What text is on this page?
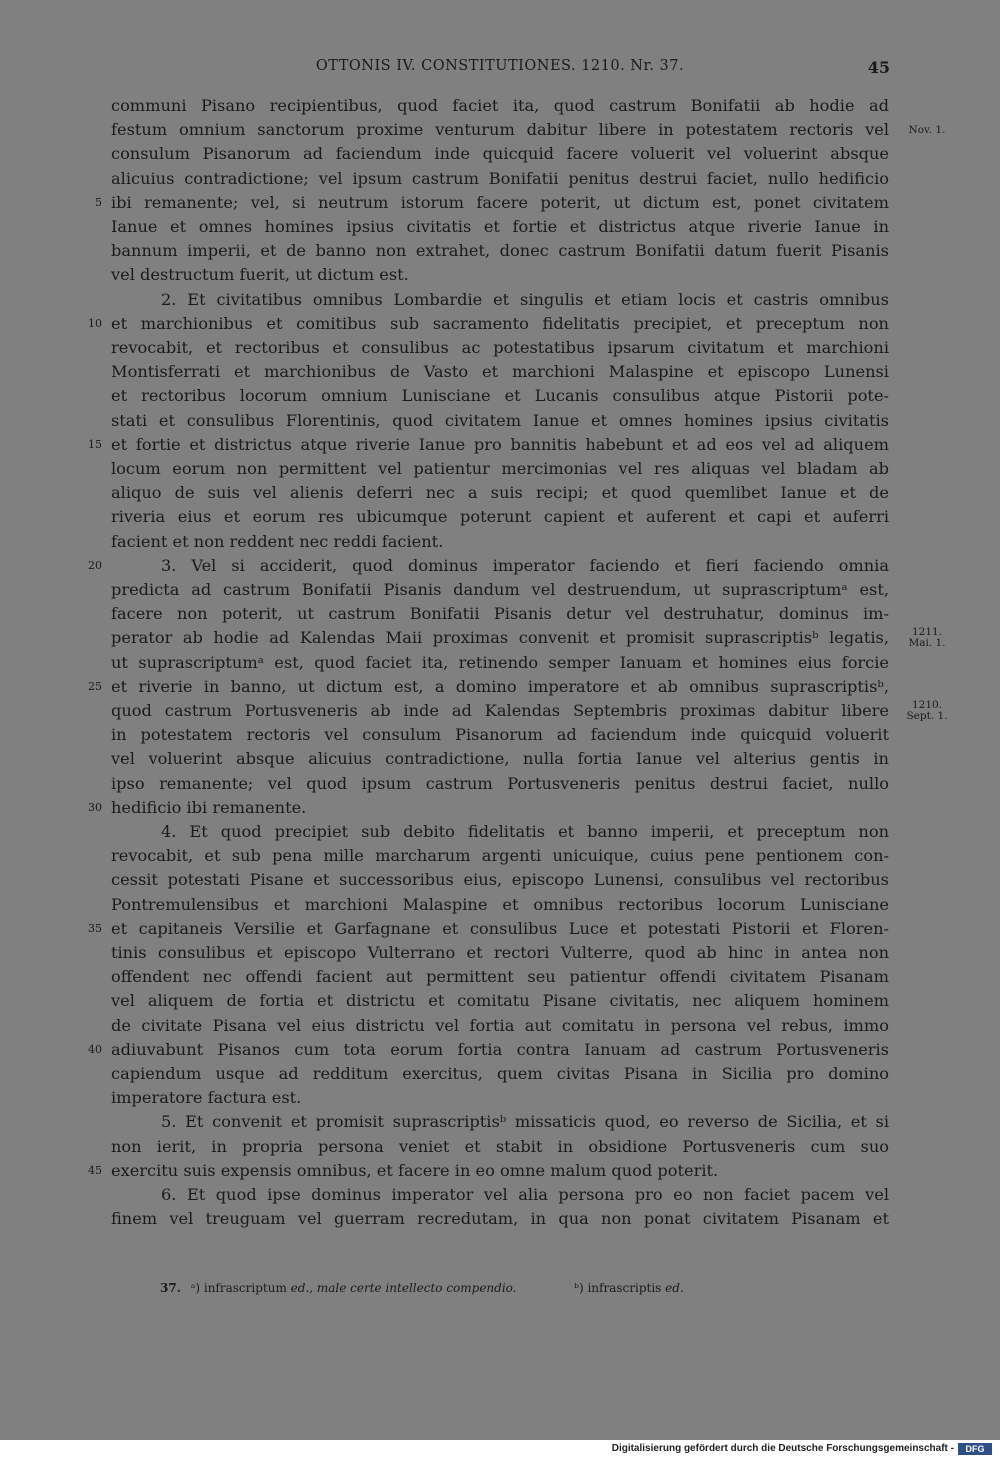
OTTONIS IV. CONSTITUTIONES. 1210. Nr. 37.	45
communi Pisano recipientibus, quod faciet ita, quod castrum Bonifatii ab hodie ad
festum omnium sanctorum proxime venturum dabitur libere in potestatem rectoris vel
consulum Pisanorum ad faciendum inde quicquid facere voluerit vel voluerint absque
alicuius contradictione; vel ipsum castrum Bonifatii penitus destrui faciet, nullo hedificio
ibi remanente; vel, si neutrum istorum facere poterit, ut dictum est, ponet civitatem
5
Ianue et omnes homines ipsius civitatis et fortie et districtus atque riverie Ianue in
bannum imperii, et de banno non extrahet, donec castrum Bonifatii datum fuerit Pisanis
vel destructum fuerit, ut dictum est.
2. Et civitatibus omnibus Lombardie et singulis et etiam locis et castris omnibus
et marchionibus et comitibus sub sacramento fidelitatis precipiet, et preceptum non
10
revocabit, et rectoribus et consulibus ac potestatibus ipsarum civitatum et marchioni
Montisferrati et marchionibus de Vasto et marchioni Malaspine et episcopo Lunensi
et rectoribus locorum omnium Lunisciane et Lucanis consulibus atque Pistorii pote-
stati et consulibus Florentinis, quod civitatem Ianue et omnes homines ipsius civitatis
et fortie et districtus atque riverie Ianue pro bannitis habebunt et ad eos vel ad aliquem
15
locum eorum non permittent vel patientur mercimonias vel res aliquas vel bladam ab
aliquo de suis vel alienis deferri nec a suis recipi; et quod quemlibet Ianue et de
riveria eius et eorum res ubicumque poterunt capient et auferent et capi et auferri
facient et non reddent nec reddi facient.
3. Vel si acciderit, quod dominus imperator faciendo et fieri faciendo omnia
20
predicta ad castrum Bonifatii Pisanis dandum vel destruendum, ut suprascriptumᵃ est,
facere non poterit, ut castrum Bonifatii Pisanis detur vel destruhatur, dominus im-
perator ab hodie ad Kalendas Maii proximas convenit et promisit suprascriptisᵇ legatis,
ut suprascriptumᵃ est, quod faciet ita, retinendo semper Ianuam et homines eius forcie
et riverie in banno, ut dictum est, a domino imperatore et ab omnibus suprascriptisᵇ,
25
quod castrum Portusveneris ab inde ad Kalendas Septembris proximas dabitur libere
in potestatem rectoris vel consulum Pisanorum ad faciendum inde quicquid voluerit
vel voluerint absque alicuius contradictione, nulla fortia Ianue vel alterius gentis in
ipso remanente; vel quod ipsum castrum Portusveneris penitus destrui faciet, nullo
hedificio ibi remanente.
30
4. Et quod precipiet sub debito fidelitatis et banno imperii, et preceptum non
revocabit, et sub pena mille marcharum argenti unicuique, cuius pene pentionem con-
cessit potestati Pisane et successoribus eius, episcopo Lunensi, consulibus vel rectoribus
Pontremulensibus et marchioni Malaspine et omnibus rectoribus locorum Lunisciane
et capitaneis Versilie et Garfagnane et consulibus Luce et potestati Pistorii et Floren-
35
tinis consulibus et episcopo Vulterrano et rectori Vulterre, quod ab hinc in antea non
offendent nec offendi facient aut permittent seu patientur offendi civitatem Pisanam
vel aliquem de fortia et districtu et comitatu Pisane civitatis, nec aliquem hominem
de civitate Pisana vel eius districtu vel fortia aut comitatu in persona vel rebus, immo
adiuvabunt Pisanos cum tota eorum fortia contra Ianuam ad castrum Portusveneris
40
capiendum usque ad redditum exercitus, quem civitas Pisana in Sicilia pro domino
imperatore factura est.
5. Et convenit et promisit suprascriptisᵇ missaticis quod, eo reverso de Sicilia, et si
non ierit, in propria persona veniet et stabit in obsidione Portusveneris cum suo
exercitu suis expensis omnibus, et facere in eo omne malum quod poterit.
45
6. Et quod ipse dominus imperator vel alia persona pro eo non faciet pacem vel
finem vel treuguam vel guerram recredutam, in qua non ponat civitatem Pisanam et
Nov. 1.
1211.
Mai. 1.
1210.
Sept. 1.
37. ᵃ) infrascriptum ed., male certe intellecto compendio.	ᵇ) infrascriptis ed.
Digitalisierung gefördert durch die Deutsche Forschungsgemeinschaft -	DFG
